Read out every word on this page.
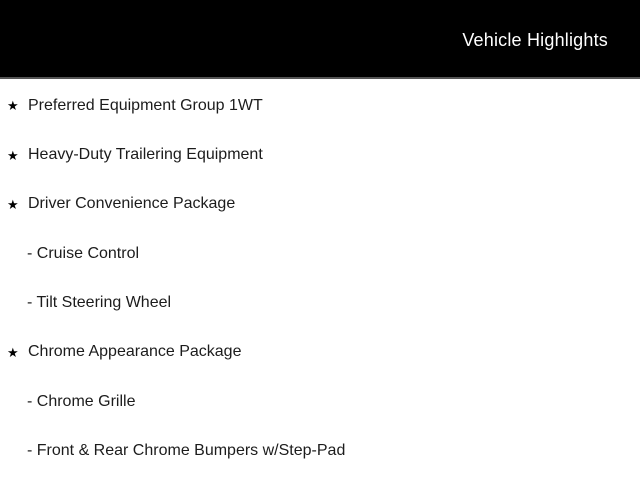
Vehicle Highlights
★ Preferred Equipment Group 1WT
★ Heavy-Duty Trailering Equipment
★ Driver Convenience Package
- Cruise Control
- Tilt Steering Wheel
★ Chrome Appearance Package
- Chrome Grille
- Front & Rear Chrome Bumpers w/Step-Pad
